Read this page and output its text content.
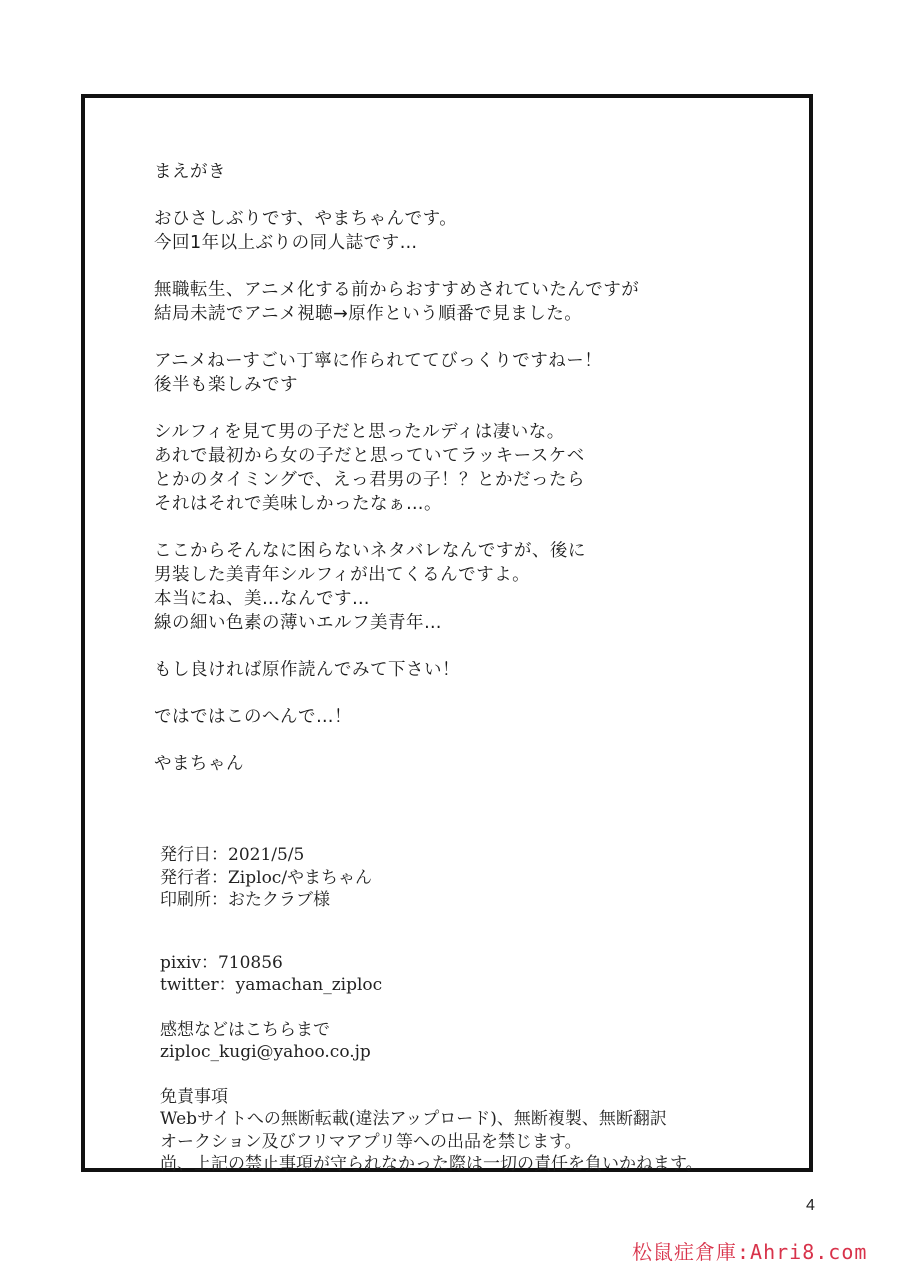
まえがき
おひさしぶりです、やまちゃんです。
今回1年以上ぶりの同人誌です…
無職転生、アニメ化する前からおすすめされていたんですが
結局未読でアニメ視聴→原作という順番で見ました。
アニメねーすごい丁寧に作られててびっくりですねー！
後半も楽しみです
シルフィを見て男の子だと思ったルディは凄いな。
あれで最初から女の子だと思っていてラッキースケベ
とかのタイミングで、えっ君男の子！？とかだったら
それはそれで美味しかったなぁ…。
ここからそんなに困らないネタバレなんですが、後に
男装した美青年シルフィが出てくるんですよ。
本当にね、美…なんです…
線の細い色素の薄いエルフ美青年…
もし良ければ原作読んでみて下さい！
ではではこのへんで…！
やまちゃん
発行日：2021/5/5
発行者：Ziploc/やまちゃん
印刷所：おたクラブ様
pixiv：710856
twitter：yamachan_ziploc
感想などはこちらまで
ziploc_kugi@yahoo.co.jp
免責事項
Webサイトへの無断転載(違法アップロード)、無断複製、無断翻訳
オークション及びフリマアプリ等への出品を禁じます。
尚、上記の禁止事項が守られなかった際は一切の責任を負いかねます。
4
松鼠症倉庫:Ahri8.com
